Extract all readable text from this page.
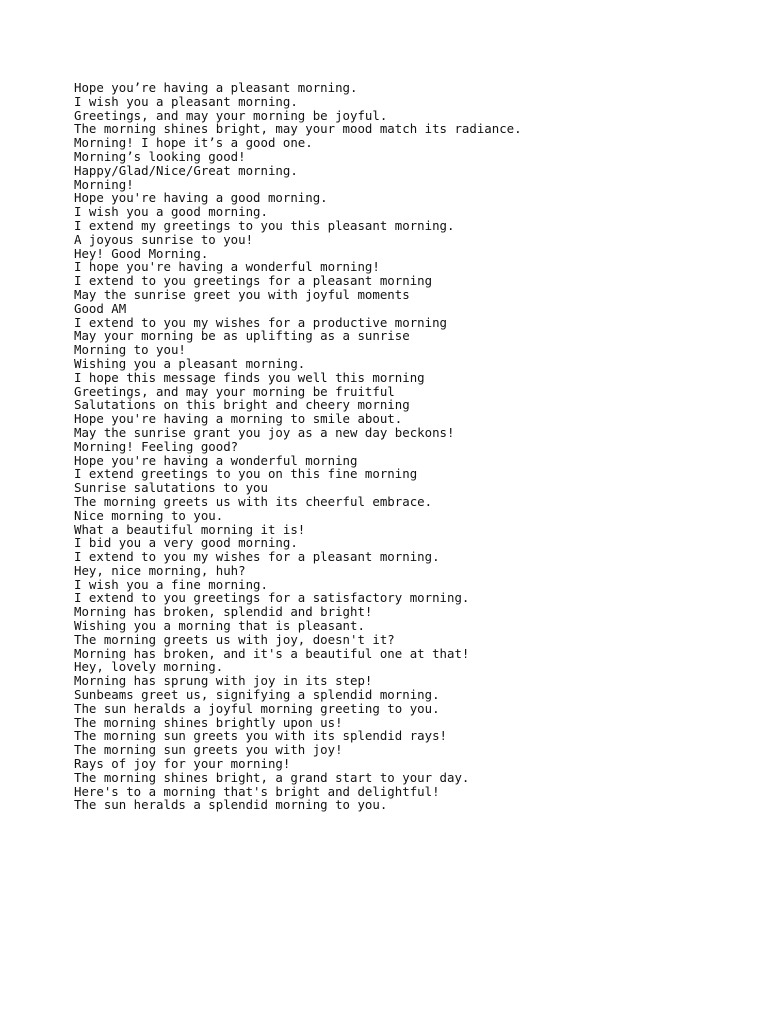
Hope you’re having a pleasant morning.
I wish you a pleasant morning.
Greetings, and may your morning be joyful.
The morning shines bright, may your mood match its radiance.
Morning! I hope it’s a good one.
Morning’s looking good!
Happy/Glad/Nice/Great morning.
Morning!
Hope you're having a good morning.
I wish you a good morning.
I extend my greetings to you this pleasant morning.
A joyous sunrise to you!
Hey! Good Morning.
I hope you're having a wonderful morning!
I extend to you greetings for a pleasant morning
May the sunrise greet you with joyful moments
Good AM
I extend to you my wishes for a productive morning
May your morning be as uplifting as a sunrise
Morning to you!
Wishing you a pleasant morning.
I hope this message finds you well this morning
Greetings, and may your morning be fruitful
Salutations on this bright and cheery morning
Hope you're having a morning to smile about.
May the sunrise grant you joy as a new day beckons!
Morning! Feeling good?
Hope you're having a wonderful morning
I extend greetings to you on this fine morning
Sunrise salutations to you
The morning greets us with its cheerful embrace.
Nice morning to you.
What a beautiful morning it is!
I bid you a very good morning.
I extend to you my wishes for a pleasant morning.
Hey, nice morning, huh?
I wish you a fine morning.
I extend to you greetings for a satisfactory morning.
Morning has broken, splendid and bright!
Wishing you a morning that is pleasant.
The morning greets us with joy, doesn't it?
Morning has broken, and it's a beautiful one at that!
Hey, lovely morning.
Morning has sprung with joy in its step!
Sunbeams greet us, signifying a splendid morning.
The sun heralds a joyful morning greeting to you.
The morning shines brightly upon us!
The morning sun greets you with its splendid rays!
The morning sun greets you with joy!
Rays of joy for your morning!
The morning shines bright, a grand start to your day.
Here's to a morning that's bright and delightful!
The sun heralds a splendid morning to you.
